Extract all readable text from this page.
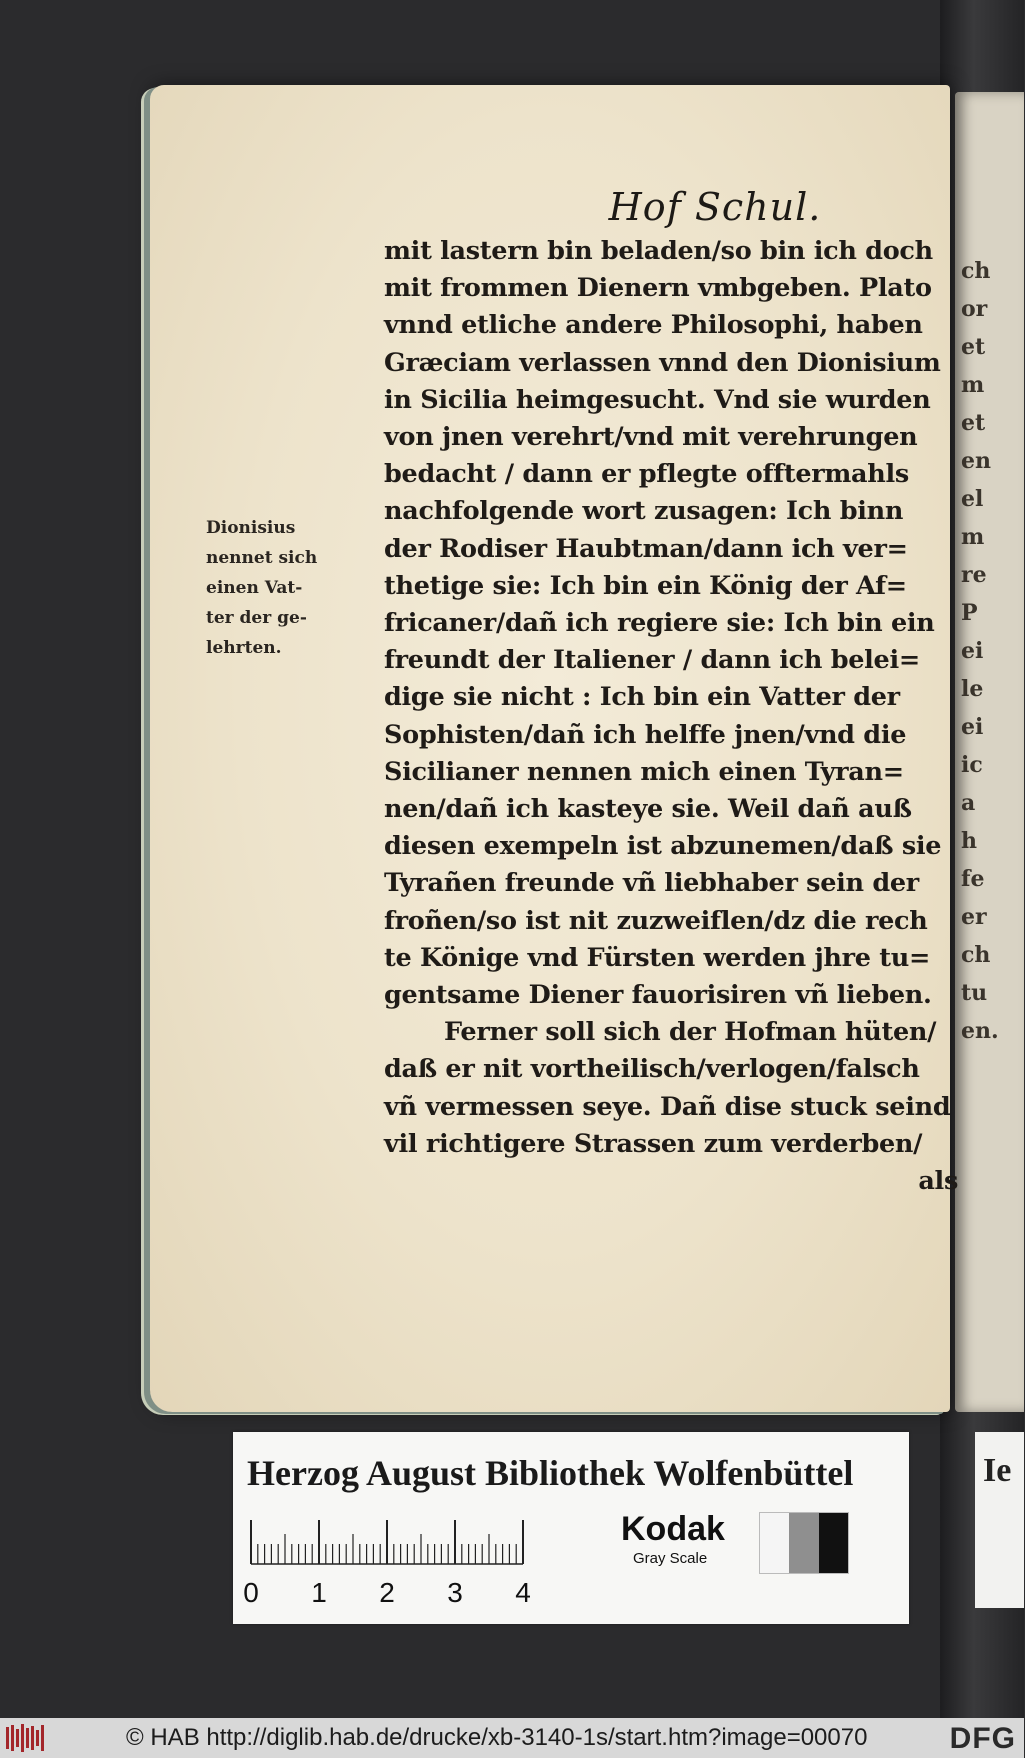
ch
or
et
m
et
en
el
m
re
P
ei
le
ei
ic
a
h
fe
er
ch
tu
en.
Hof Schul.
Dionisius
nennet sich
einen Vat-
ter der ge-
lehrten.
mit lastern bin beladen/so bin ich doch
mit frommen Dienern vmbgeben. Plato
vnnd etliche andere Philosophi, haben
Græciam verlassen vnnd den Dionisium
in Sicilia heimgesucht. Vnd sie wurden
von jnen verehrt/vnd mit verehrungen
bedacht / dann er pflegte offtermahls
nachfolgende wort zusagen: Ich binn
der Rodiser Haubtman/dann ich ver=
thetige sie: Ich bin ein König der Af=
fricaner/dañ ich regiere sie: Ich bin ein
freundt der Italiener / dann ich belei=
dige sie nicht : Ich bin ein Vatter der
Sophisten/dañ ich helffe jnen/vnd die
Sicilianer nennen mich einen Tyran=
nen/dañ ich kasteye sie. Weil dañ auß
diesen exempeln ist abzunemen/daß sie
Tyrañen freunde vñ liebhaber sein der
froñen/so ist nit zuzweiflen/dz die rech
te Könige vnd Fürsten werden jhre tu=
gentsame Diener fauorisiren vñ lieben.
Ferner soll sich der Hofman hüten/
daß er nit vortheilisch/verlogen/falsch
vñ vermessen seye. Dañ dise stuck seind
vil richtigere Strassen zum verderben/
als
Herzog August Bibliothek Wolfenbüttel
0 1 2 3 4
Kodak
Gray Scale
Ie
© HAB http://diglib.hab.de/drucke/xb-3140-1s/start.htm?image=00070	DFG
